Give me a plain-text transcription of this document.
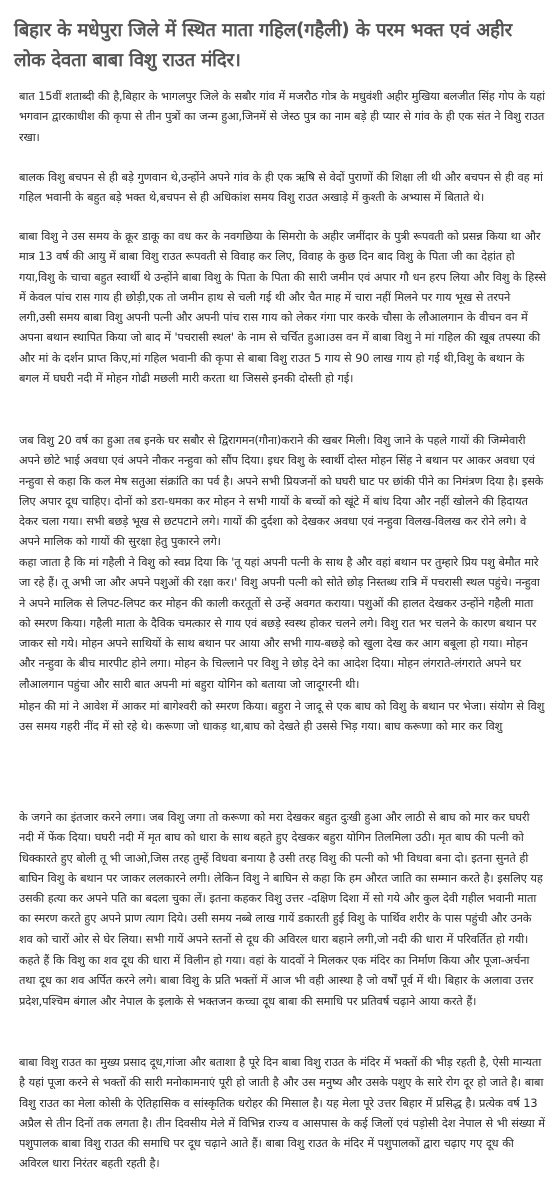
बिहार के मधेपुरा जिले में स्थित माता गहिल(गहैली) के परम भक्त एवं अहीर लोक देवता बाबा विशु राउत मंदिर।

बात 15वीं शताब्दी की है,बिहार के भागलपुर जिले के सबौर गांव में मजरौठ गोत्र के मधुवंशी अहीर मुखिया बलजीत सिंह गोप के यहां भगवान द्वारकाधीश की कृपा से तीन पुत्रों का जन्म हुआ,जिनमें से जेस्ठ पुत्र का नाम बड़े ही प्यार से गांव के ही एक संत ने विशु राउत रखा।

बालक विशु बचपन से ही बड़े गुणवान थे,उन्होंने अपने गांव के ही एक ऋषि से वेदों पुराणों की शिक्षा ली थी और बचपन से ही वह मां गहिल भवानी के बहुत बड़े भक्त थे,बचपन से ही अधिकांश समय विशु राउत अखाड़े में कुश्ती के अभ्यास में बिताते थे।

बाबा विशु ने उस समय के क्रूर डाकू का वध कर के नवगछिया के सिमरोा के अहीर जमींदार के पुत्री रूपवती को प्रसन्न किया था और मात्र 13 वर्ष की आयु में बाबा विशु राउत रूपवती से विवाह कर लिए, विवाह के कुछ दिन बाद विशु के पिता जी का देहांत हो गया,विशु के चाचा बहुत स्वार्थी थे उन्होंने बाबा विशु के पिता के पिता की सारी जमीन एवं अपार गौ धन हरप लिया और विशु के हिस्से में केवल पांच रास गाय ही छोड़ी,एक तो जमीन हाथ से चली गई थी और चैत माह में चारा नहीं मिलने पर गाय भूख से तरपने लगी,उसी समय बाबा विशु अपनी पत्नी और अपनी पांच रास गाय को लेकर गंगा पार करके चौसा के लौआलगान के वीचन वन में अपना बथान स्थापित किया जो बाद में 'पचरासी स्थल' के नाम से चर्चित हुआ।उस वन में बाबा विशु ने मां गहिल की खूब तपस्या की और मां के दर्शन प्राप्त किए,मां गहिल भवानी की कृपा से बाबा विशु राउत 5 गाय से 90 लाख गाय हो गई थी,विशु के बथान के बगल में घघरी नदी में मोहन गोढी मछली मारी करता था जिससे इनकी दोस्ती हो गई।

जब विशु 20 वर्ष का हुआ तब इनके घर सबौर से द्विरागमन(गौना)कराने की खबर मिली। विशु जाने के पहले गायों की जिम्मेवारी अपने छोटे भाई अवधा एवं अपने नौकर नन्हुवा को सौंप दिया। इधर विशु के स्वार्थी दोस्त मोहन सिंह ने बथान पर आकर अवधा एवं नन्हुवा से कहा कि कल मेष सतुआ संक्रांति का पर्व है। अपने सभी प्रियजनों को घघरी घाट पर छांकी पीने का निमंत्रण दिया है। इसके लिए अपार दूध चाहिए। दोनों को डरा-धमका कर मोहन ने सभी गायों के बच्चों को खूंटे में बांध दिया और नहीं खोलने की हिदायत देकर चला गया। सभी बछड़े भूख से छटपटाने लगे। गायों की दुर्दशा को देखकर अवधा एवं नन्हुवा विलख-विलख कर रोने लगे। वे अपने मालिक को गायों की सुरक्षा हेतु पुकारने लगे।

कहा जाता है कि मां गहैली ने विशु को स्वप्न दिया कि 'तू यहां अपनी पत्नी के साथ है और वहां बथान पर तुम्हारे प्रिय पशु बेमौत मारे जा रहे हैं। तू अभी जा और अपने पशुओं की रक्षा कर।' विशु अपनी पत्नी को सोते छोड़ निस्तब्ध रात्रि में पचरासी स्थल पहुंचे। नन्हुवा ने अपने मालिक से लिपट-लिपट कर मोहन की काली करतूतों से उन्हें अवगत कराया। पशुओं की हालत देखकर उन्होंने गहैली माता को स्मरण किया। गहैली माता के दैविक चमत्कार से गाय एवं बछड़े स्वस्थ होकर चलने लगे। विशु रात भर चलने के कारण बथान पर जाकर सो गये। मोहन अपने साथियों के साथ बथान पर आया और सभी गाय-बछड़े को खुला देख कर आग बबूला हो गया। मोहन और नन्हुवा के बीच मारपीट होने लगा। मोहन के चिल्लाने पर विशु ने छोड़ देने का आदेश दिया। मोहन लंगराते-लंगराते अपने घर लौआलगान पहुंचा और सारी बात अपनी मां बहुरा योगिन को बताया जो जादूगरनी थी।

मोहन की मां ने आवेश में आकर मां बागेश्वरी को स्मरण किया। बहुरा ने जादू से एक बाघ को विशु के बथान पर भेजा। संयोग से विशु उस समय गहरी नींद में सो रहे थे। करूणा जो धाकड़ था,बाघ को देखते ही उससे भिड़ गया। बाघ करूणा को मार कर विशु

के जगने का इंतजार करने लगा। जब विशु जगा तो करूणा को मरा देखकर बहुत दुःखी हुआ और लाठी से बाघ को मार कर घघरी नदी में फेंक दिया। घघरी नदी में मृत बाघ को धारा के साथ बहते हुए देखकर बहुरा योगिन तिलमिला उठी। मृत बाघ की पत्नी को धिक्कारते हुए बोली तू भी जाओ,जिस तरह तुम्हें विधवा बनाया है उसी तरह विशु की पत्नी को भी विधवा बना दो। इतना सुनते ही बाघिन विशु के बथान पर जाकर ललकारने लगी। लेकिन विशु ने बाघिन से कहा कि हम औरत जाति का सम्मान करते है। इसलिए यह उसकी हत्या कर अपने पति का बदला चुका लें। इतना कहकर विशु उत्तर -दक्षिण दिशा में सो गये और कुल देवी गहील भवानी माता का स्मरण करते हुए अपने प्राण त्याग दिये। उसी समय नब्बे लाख गायें डकारती हुई विशु के पार्थिव शरीर के पास पहुंची और उनके शव को चारों ओर से घेर लिया। सभी गायें अपने स्तनों से दूध की अविरल धारा बहाने लगी,जो नदी की धारा में परिवर्तित हो गयी।

कहते हैं कि विशु का शव दूध की धारा में विलीन हो गया। वहां के यादवों ने मिलकर एक मंदिर का निर्माण किया और पूजा-अर्चना तथा दूध का शव अर्पित करने लगे। बाबा विशु के प्रति भक्तों में आज भी वही आस्था है जो वर्षों पूर्व में थी। बिहार के अलावा उत्तर प्रदेश,पश्चिम बंगाल और नेपाल के इलाके से भक्तजन कच्चा दूध बाबा की समाधि पर प्रतिवर्ष चढ़ाने आया करते हैं।

बाबा विशु राउत का मुख्य प्रसाद दूध,गांजा और बताशा है पूरे दिन बाबा विशु राउत के मंदिर में भक्तों की भीड़ रहती है, ऐसी मान्यता है यहां पूजा करने से भक्तों की सारी मनोकामनाएं पूरी हो जाती है और उस मनुष्य और उसके पशुए के सारे रोग दूर हो जाते है। बाबा विशु राउत का मेला कोसी के ऐतिहासिक व सांस्कृतिक धरोहर की मिसाल है। यह मेला पूरे उत्तर बिहार में प्रसिद्ध है। प्रत्येक वर्ष 13 अप्रैल से तीन दिनों तक लगता है। तीन दिवसीय मेले में विभिन्न राज्य व आसपास के कई जिलों एवं पड़ोसी देश नेपाल से भी संख्या में पशुपालक बाबा विशु राउत की समाधि पर दूध चढ़ाने आते हैं। बाबा विशु राउत के मंदिर में पशुपालकों द्वारा चढ़ाए गए दूध की अविरल धारा निरंतर बहती रहती है।
